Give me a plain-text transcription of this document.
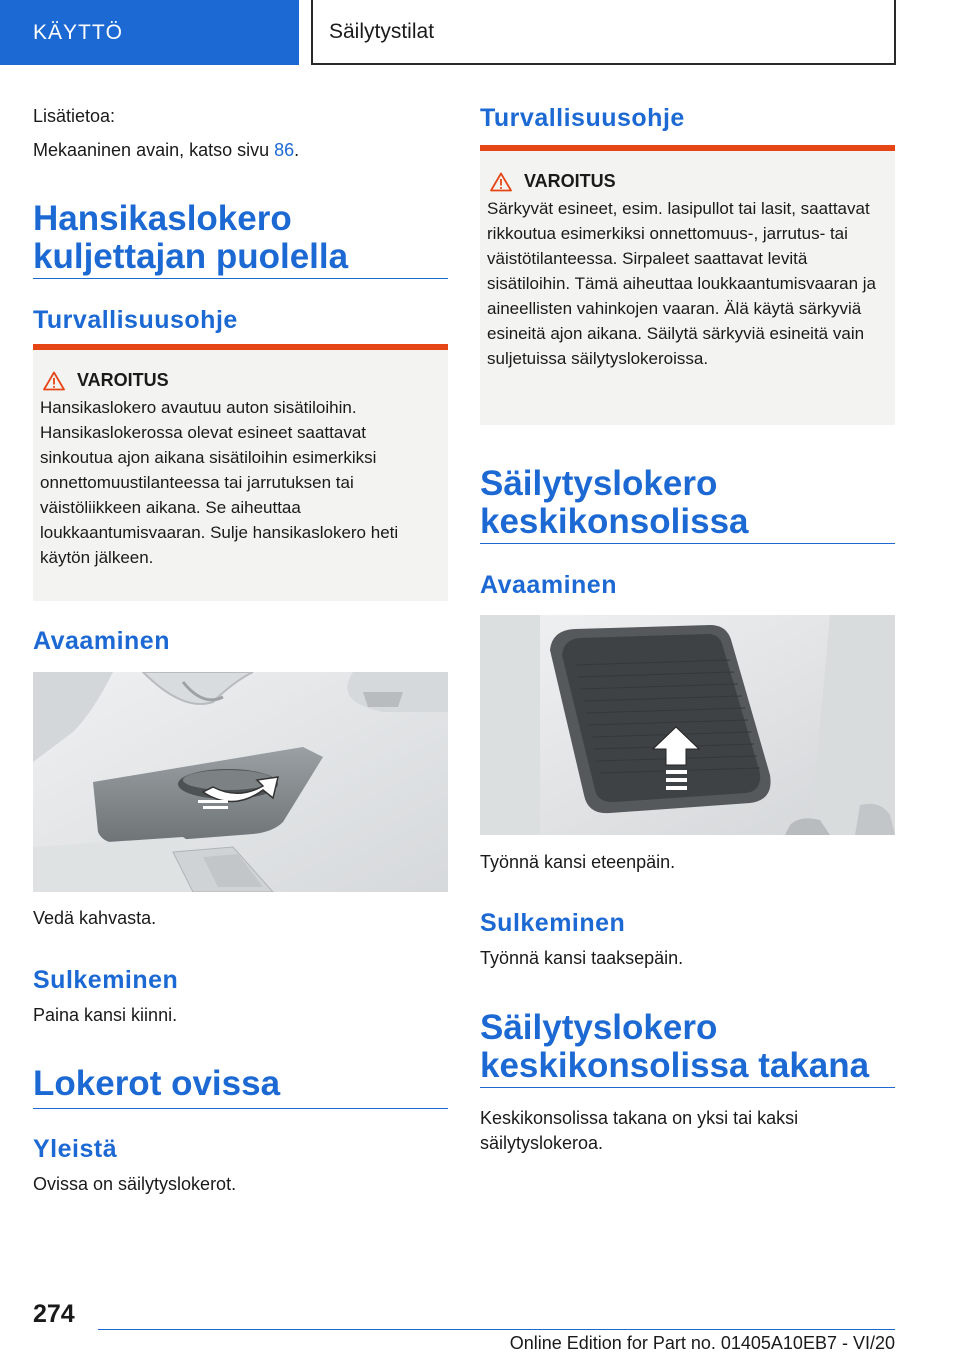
KÄYTTÖ	Säilytystilat

Lisätietoa:

Mekaaninen avain, katso sivu 86.

Hansikaslokero kuljettajan puolella
Turvallisuusohje
VAROITUS
Hansikaslokero avautuu auton sisätiloihin. Hansikaslokerossa olevat esineet saattavat sinkoutua ajon aikana sisätiloihin esimerkiksi onnettomuustilanteessa tai jarrutuksen tai väistöliikkeen aikana. Se aiheuttaa loukkaantumisvaaran. Sulje hansikaslokero heti käytön jälkeen.
Avaaminen

Vedä kahvasta.

Sulkeminen

Paina kansi kiinni.

Lokerot ovissa
Yleistä

Ovissa on säilytyslokerot.

Turvallisuusohje
VAROITUS
Särkyvät esineet, esim. lasipullot tai lasit, saattavat rikkoutua esimerkiksi onnettomuus-, jarrutus- tai väistötilanteessa. Sirpaleet saattavat levitä sisätiloihin. Tämä aiheuttaa loukkaantumisvaaran ja aineellisten vahinkojen vaaran. Älä käytä särkyviä esineitä ajon aikana. Säilytä särkyviä esineitä vain suljetuissa säilytyslokeroissa.
Säilytyslokero keskikonsolissa
Avaaminen

Työnnä kansi eteenpäin.

Sulkeminen

Työnnä kansi taaksepäin.

Säilytyslokero keskikonsolissa takana

Keskikonsolissa takana on yksi tai kaksi säilytyslokeroa.

274
Online Edition for Part no. 01405A10EB7 - VI/20
